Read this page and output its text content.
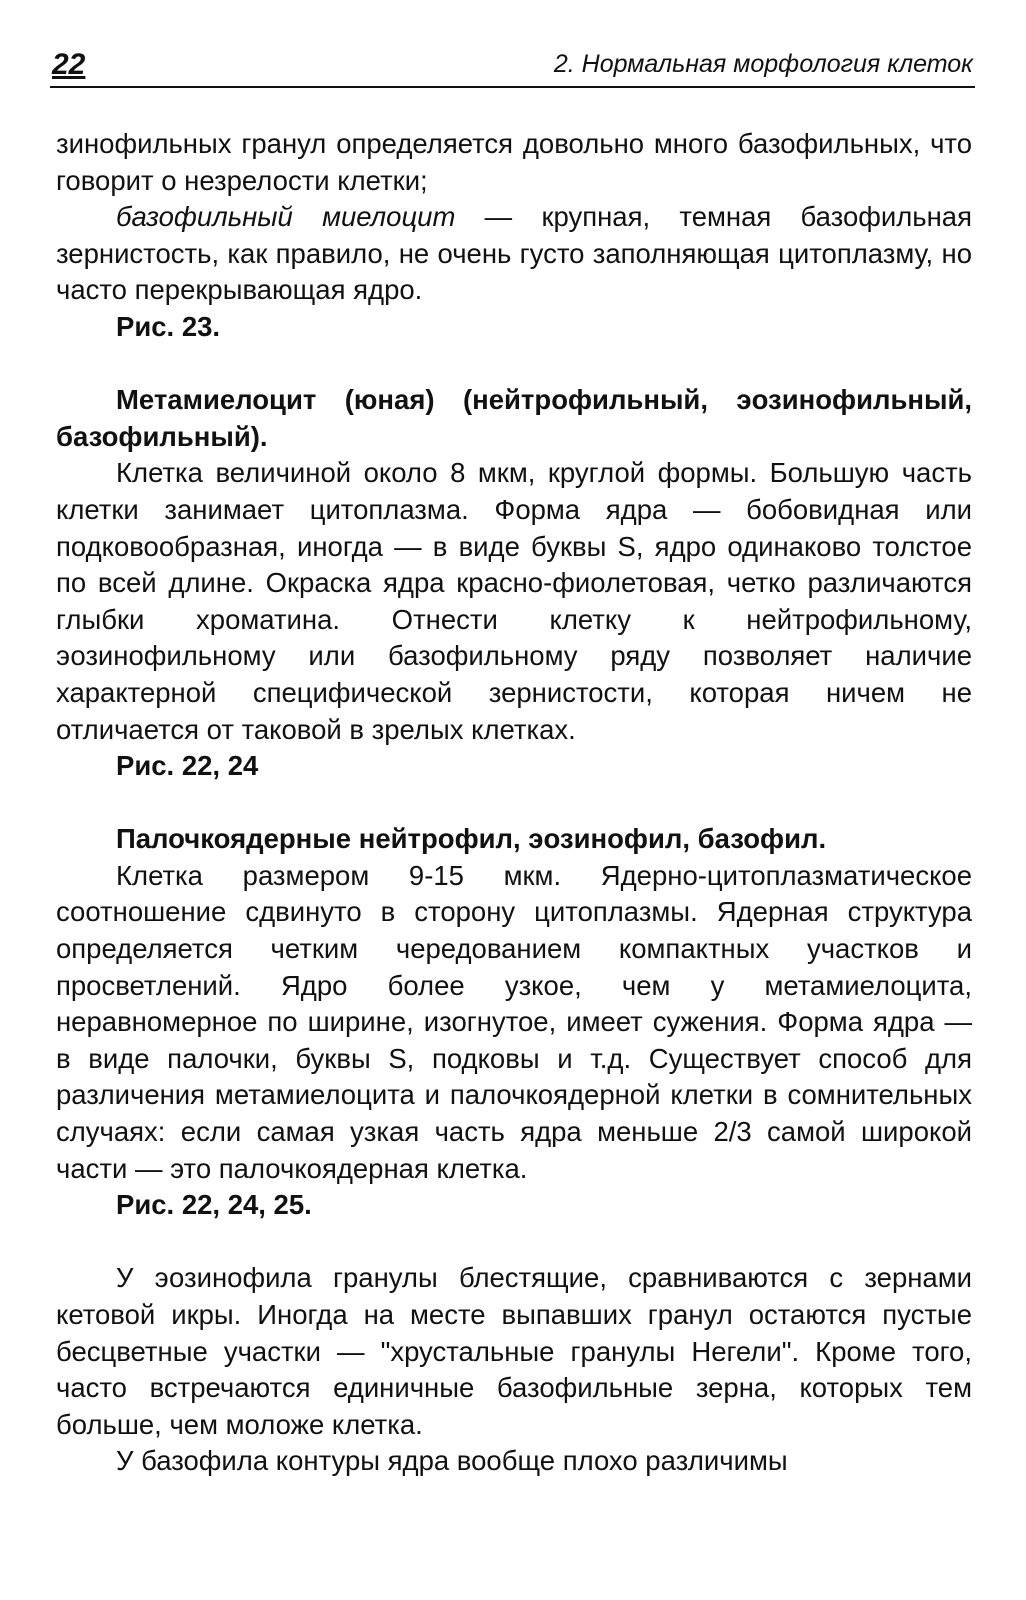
22	2. Нормальная морфология клеток

зинофильных гранул определяется довольно много базофильных, что говорит о незрелости клетки;

базофильный миелоцит — крупная, темная базофильная зернистость, как правило, не очень густо заполняющая цитоплазму, но часто перекрывающая ядро.

Рис. 23.

Метамиелоцит (юная) (нейтрофильный, эозинофильный, базофильный).

Клетка величиной около 8 мкм, круглой формы. Большую часть клетки занимает цитоплазма. Форма ядра — бобовидная или подковообразная, иногда — в виде буквы S, ядро одинаково толстое по всей длине. Окраска ядра красно-фиолетовая, четко различаются глыбки хроматина. Отнести клетку к нейтрофильному, эозинофильному или базофильному ряду позволяет наличие характерной специфической зернистости, которая ничем не отличается от таковой в зрелых клетках.

Рис. 22, 24

Палочкоядерные нейтрофил, эозинофил, базофил.

Клетка размером 9-15 мкм. Ядерно-цитоплазматическое соотношение сдвинуто в сторону цитоплазмы. Ядерная структура определяется четким чередованием компактных участков и просветлений. Ядро более узкое, чем у метамиелоцита, неравномерное по ширине, изогнутое, имеет сужения. Форма ядра — в виде палочки, буквы S, подковы и т.д. Существует способ для различения метамиелоцита и палочкоядерной клетки в сомнительных случаях: если самая узкая часть ядра меньше 2/3 самой широкой части — это палочкоядерная клетка.

Рис. 22, 24, 25.

У эозинофила гранулы блестящие, сравниваются с зернами кетовой икры. Иногда на месте выпавших гранул остаются пустые бесцветные участки — "хрустальные гранулы Негели". Кроме того, часто встречаются единичные базофильные зерна, которых тем больше, чем моложе клетка.

У базофила контуры ядра вообще плохо различимы
